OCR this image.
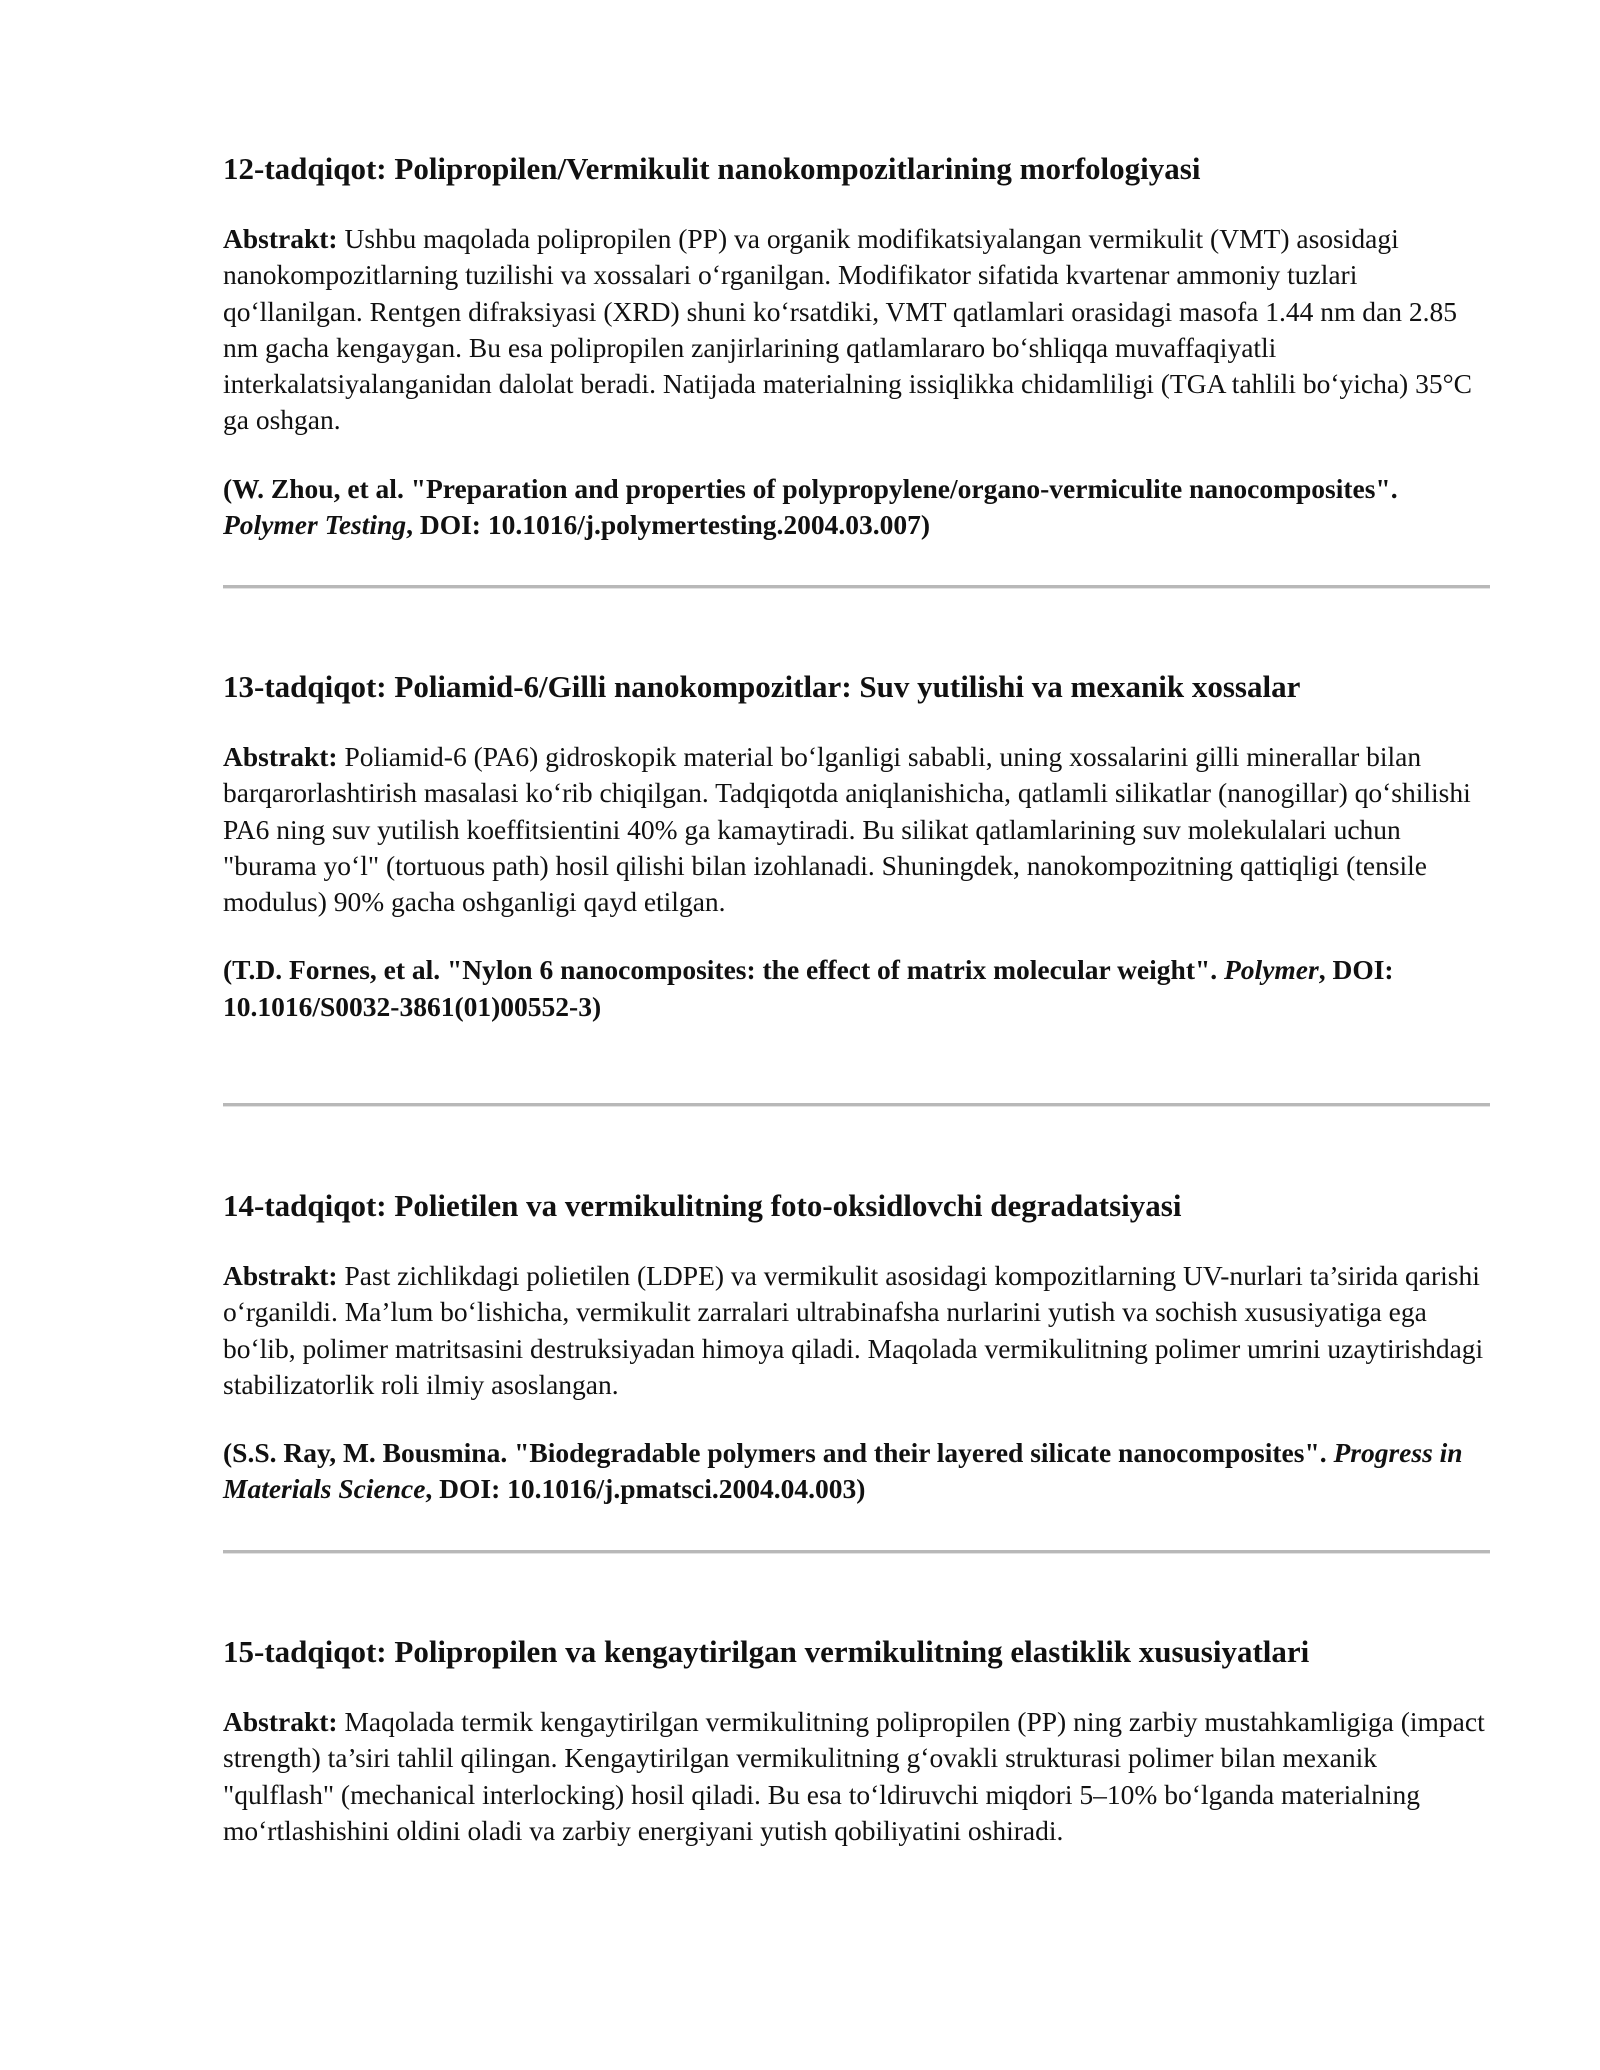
12-tadqiqot: Polipropilen/Vermikulit nanokompozitlarining morfologiyasi

Abstrakt: Ushbu maqolada polipropilen (PP) va organik modifikatsiyalangan vermikulit (VMT) asosidagi nanokompozitlarning tuzilishi va xossalari o‘rganilgan. Modifikator sifatida kvartenar ammoniy tuzlari qo‘llanilgan. Rentgen difraksiyasi (XRD) shuni ko‘rsatdiki, VMT qatlamlari orasidagi masofa 1.44 nm dan 2.85 nm gacha kengaygan. Bu esa polipropilen zanjirlarining qatlamlararo bo‘shliqqa muvaffaqiyatli interkalatsiyalanganidan dalolat beradi. Natijada materialning issiqlikka chidamliligi (TGA tahlili bo‘yicha) 35°C ga oshgan.

(W. Zhou, et al. "Preparation and properties of polypropylene/organo-vermiculite nanocomposites". Polymer Testing, DOI: 10.1016/j.polymertesting.2004.03.007)

13-tadqiqot: Poliamid-6/Gilli nanokompozitlar: Suv yutilishi va mexanik xossalar

Abstrakt: Poliamid-6 (PA6) gidroskopik material bo‘lganligi sababli, uning xossalarini gilli minerallar bilan barqarorlashtirish masalasi ko‘rib chiqilgan. Tadqiqotda aniqlanishicha, qatlamli silikatlar (nanogillar) qo‘shilishi PA6 ning suv yutilish koeffitsientini 40% ga kamaytiradi. Bu silikat qatlamlarining suv molekulalari uchun "burama yo‘l" (tortuous path) hosil qilishi bilan izohlanadi. Shuningdek, nanokompozitning qattiqligi (tensile modulus) 90% gacha oshganligi qayd etilgan.

(T.D. Fornes, et al. "Nylon 6 nanocomposites: the effect of matrix molecular weight". Polymer, DOI: 10.1016/S0032-3861(01)00552-3)

14-tadqiqot: Polietilen va vermikulitning foto-oksidlovchi degradatsiyasi

Abstrakt: Past zichlikdagi polietilen (LDPE) va vermikulit asosidagi kompozitlarning UV-nurlari ta’sirida qarishi o‘rganildi. Ma’lum bo‘lishicha, vermikulit zarralari ultrabinafsha nurlarini yutish va sochish xususiyatiga ega bo‘lib, polimer matritsasini destruksiyadan himoya qiladi. Maqolada vermikulitning polimer umrini uzaytirishdagi stabilizatorlik roli ilmiy asoslangan.

(S.S. Ray, M. Bousmina. "Biodegradable polymers and their layered silicate nanocomposites". Progress in Materials Science, DOI: 10.1016/j.pmatsci.2004.04.003)

15-tadqiqot: Polipropilen va kengaytirilgan vermikulitning elastiklik xususiyatlari

Abstrakt: Maqolada termik kengaytirilgan vermikulitning polipropilen (PP) ning zarbiy mustahkamligiga (impact strength) ta’siri tahlil qilingan. Kengaytirilgan vermikulitning g‘ovakli strukturasi polimer bilan mexanik "qulflash" (mechanical interlocking) hosil qiladi. Bu esa to‘ldiruvchi miqdori 5–10% bo‘lganda materialning mo‘rtlashishini oldini oladi va zarbiy energiyani yutish qobiliyatini oshiradi.
